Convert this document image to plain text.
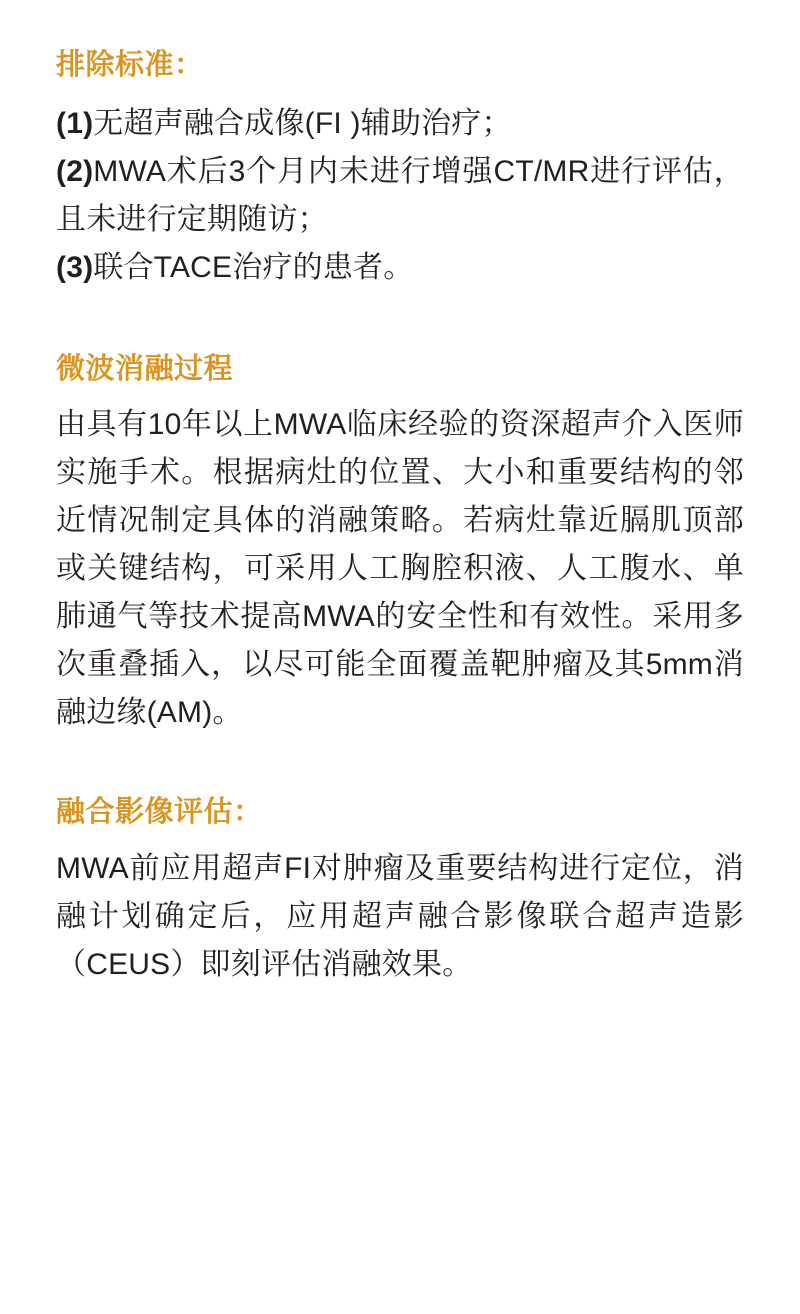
排除标准：

(1)无超声融合成像(FI )辅助治疗；

(2)MWA术后3个月内未进行增强CT/MR进行评估，且未进行定期随访；

(3)联合TACE治疗的患者。

微波消融过程

由具有10年以上MWA临床经验的资深超声介入医师实施手术。根据病灶的位置、大小和重要结构的邻近情况制定具体的消融策略。若病灶靠近膈肌顶部或关键结构，可采用人工胸腔积液、人工腹水、单肺通气等技术提高MWA的安全性和有效性。采用多次重叠插入，以尽可能全面覆盖靶肿瘤及其5mm消融边缘(AM)。

融合影像评估：

MWA前应用超声FI对肿瘤及重要结构进行定位，消融计划确定后，应用超声融合影像联合超声造影（CEUS）即刻评估消融效果。
